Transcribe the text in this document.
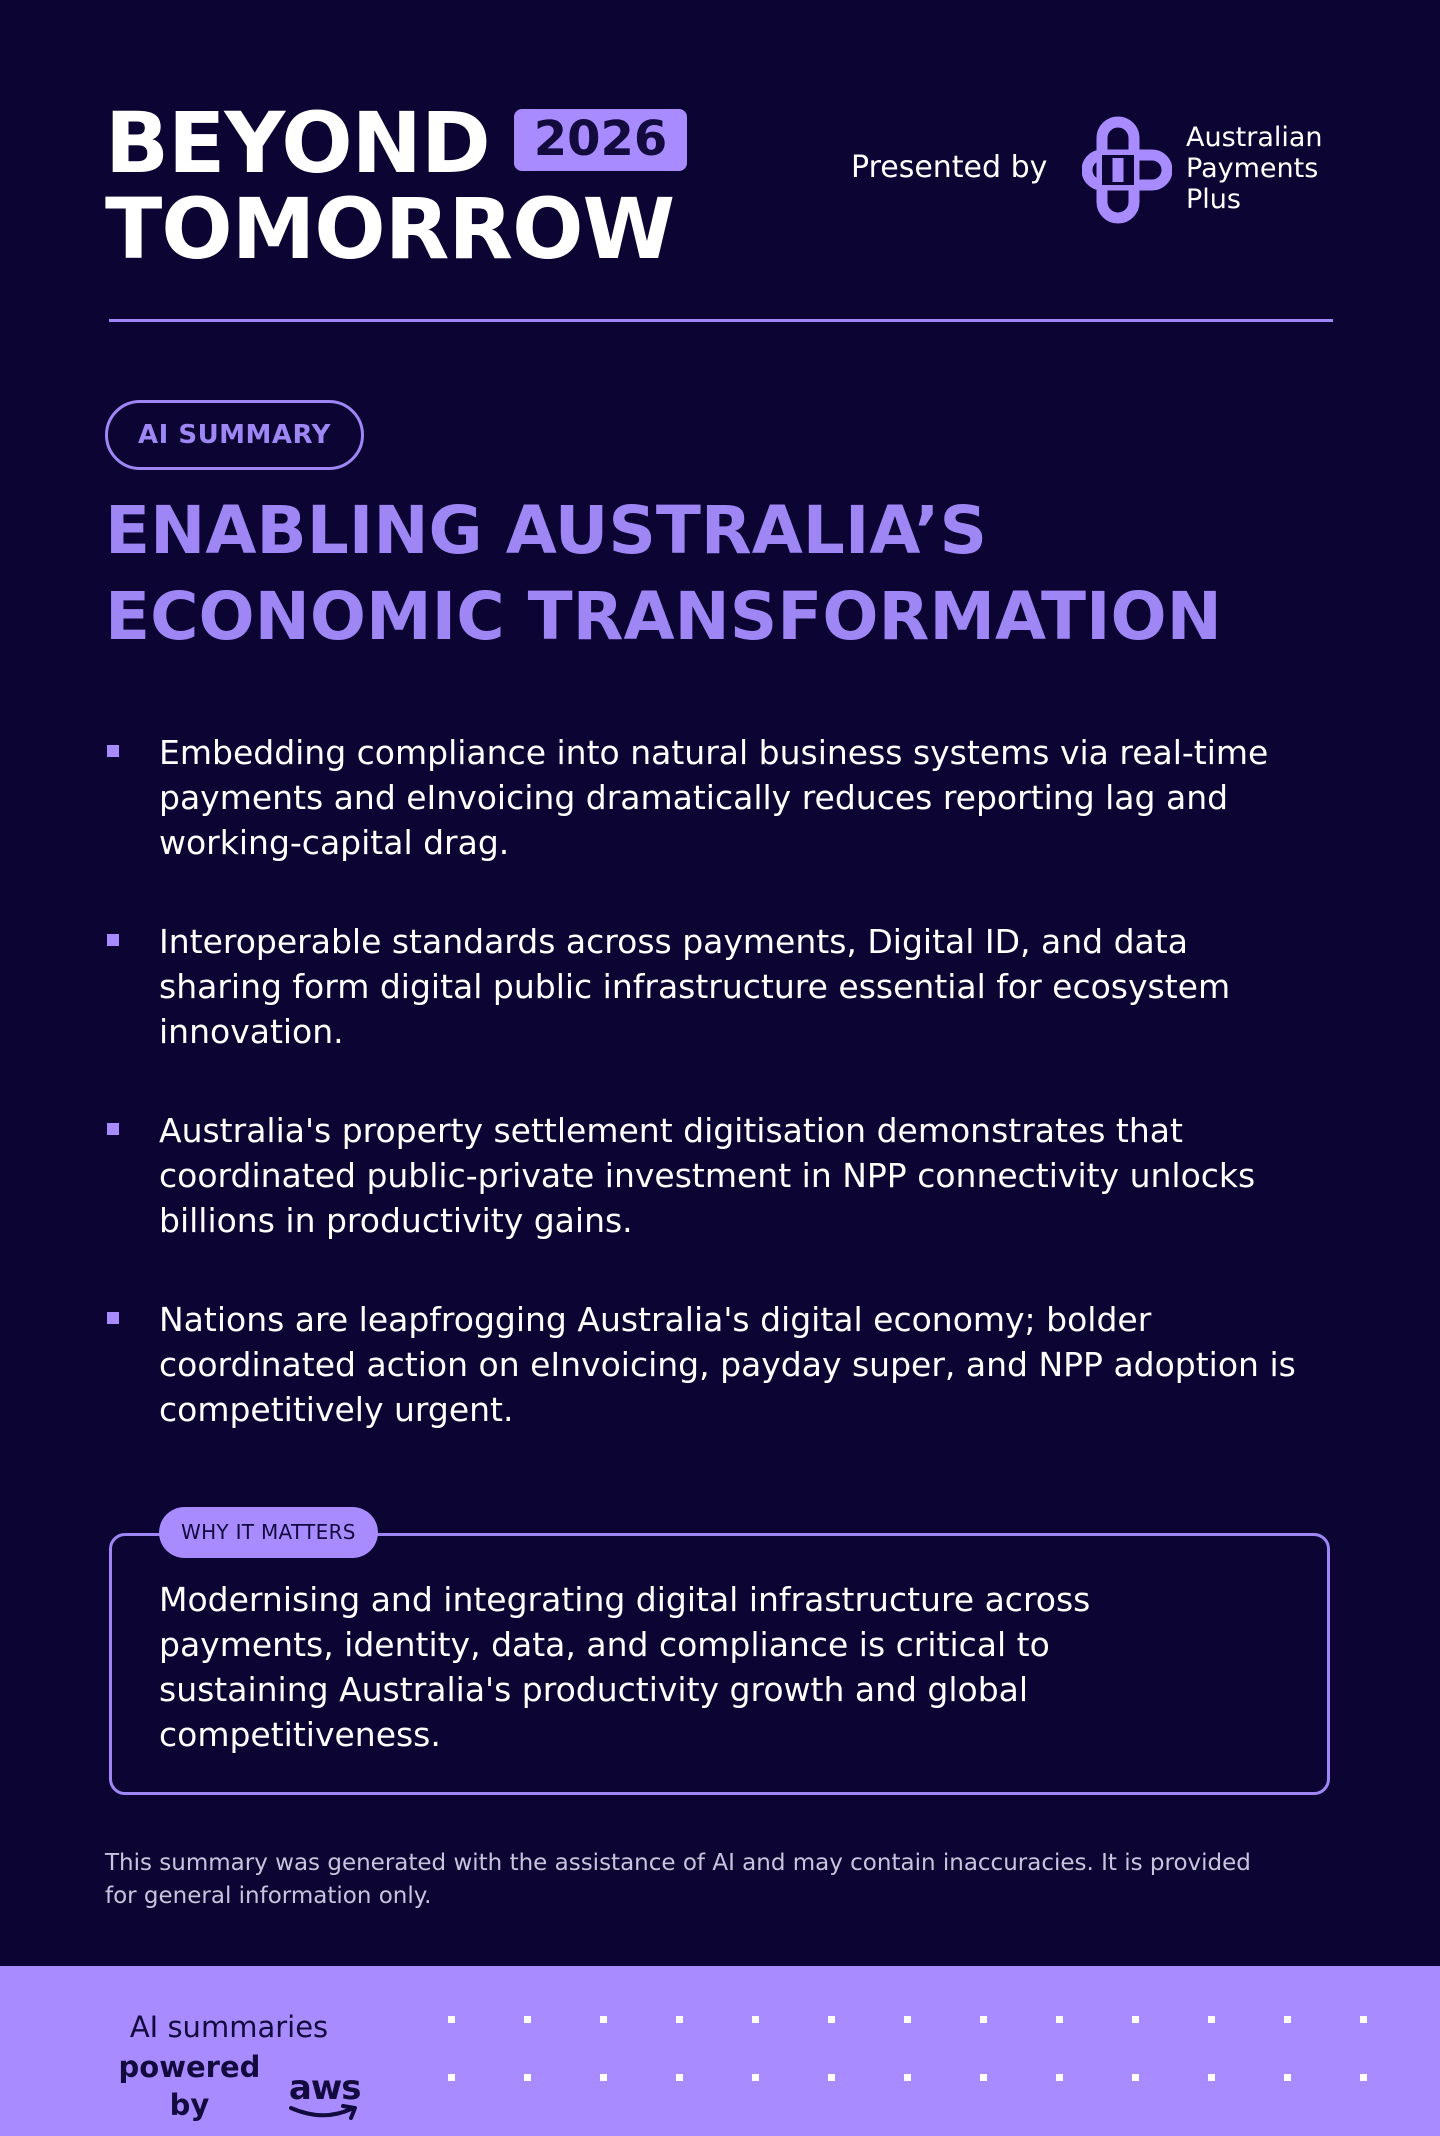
BEYOND 2026
TOMORROW
Presented by
Australian
Payments
Plus
AI SUMMARY
ENABLING AUSTRALIA’S
ECONOMIC TRANSFORMATION
Embedding compliance into natural business systems via real-time
payments and eInvoicing dramatically reduces reporting lag and
working-capital drag.
Interoperable standards across payments, Digital ID, and data
sharing form digital public infrastructure essential for ecosystem
innovation.
Australia's property settlement digitisation demonstrates that
coordinated public-private investment in NPP connectivity unlocks
billions in productivity gains.
Nations are leapfrogging Australia's digital economy; bolder
coordinated action on eInvoicing, payday super, and NPP adoption is
competitively urgent.
WHY IT MATTERS
Modernising and integrating digital infrastructure across
payments, identity, data, and compliance is critical to
sustaining Australia's productivity growth and global
competitiveness.
This summary was generated with the assistance of AI and may contain inaccuracies. It is provided
for general information only.
AI summaries
powered by	aws
